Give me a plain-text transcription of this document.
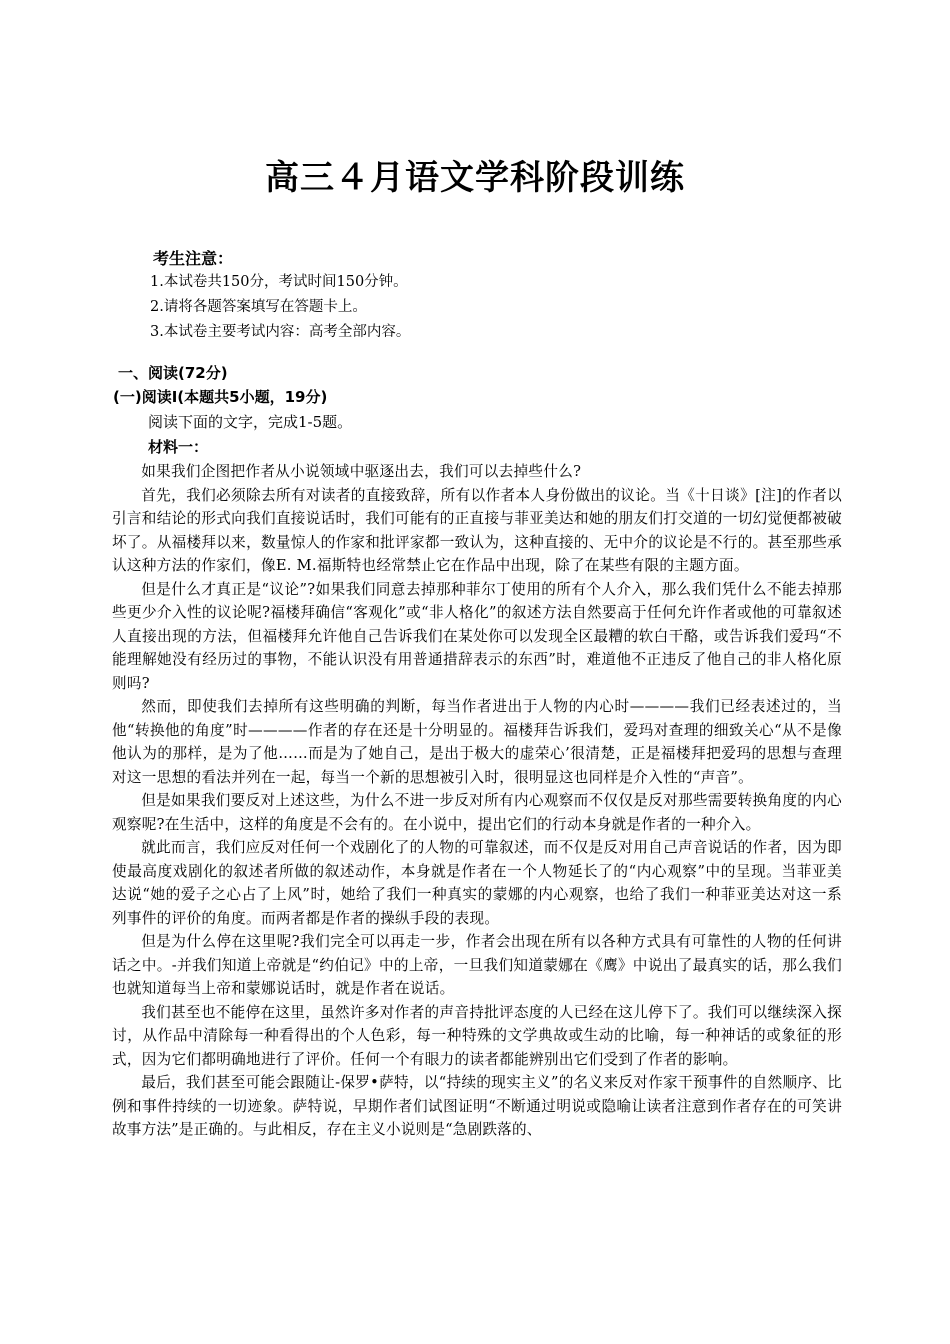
高三４月语文学科阶段训练
考生注意：
1.本试卷共150分，考试时间150分钟。
2.请将各题答案填写在答题卡上。
3.本试卷主要考试内容：高考全部内容。
一、阅读(72分)
(一)阅读Ⅰ(本题共5小题，19分)
阅读下面的文字，完成1-5题。
材料一：

如果我们企图把作者从小说领域中驱逐出去，我们可以去掉些什么?

首先，我们必须除去所有对读者的直接致辞，所有以作者本人身份做出的议论。当《十日谈》[注]的作者以引言和结论的形式向我们直接说话时，我们可能有的正直接与菲亚美达和她的朋友们打交道的一切幻觉便都被破坏了。从福楼拜以来，数量惊人的作家和批评家都一致认为，这种直接的、无中介的议论是不行的。甚至那些承认这种方法的作家们，像E. M.福斯特也经常禁止它在作品中出现，除了在某些有限的主题方面。

但是什么才真正是“议论”?如果我们同意去掉那种菲尔丁使用的所有个人介入，那么我们凭什么不能去掉那些更少介入性的议论呢?福楼拜确信“客观化”或“非人格化”的叙述方法自然要高于任何允许作者或他的可靠叙述人直接出现的方法，但福楼拜允许他自己告诉我们在某处你可以发现全区最糟的软白干酪，或告诉我们爱玛“不能理解她没有经历过的事物，不能认识没有用普通措辞表示的东西”时，难道他不正违反了他自己的非人格化原则吗?

然而，即使我们去掉所有这些明确的判断，每当作者进出于人物的内心时————我们已经表述过的，当他“转换他的角度”时————作者的存在还是十分明显的。福楼拜告诉我们，爱玛对查理的细致关心“从不是像他认为的那样，是为了他……而是为了她自己，是出于极大的虚荣心’很清楚，正是福楼拜把爱玛的思想与查理对这一思想的看法并列在一起，每当一个新的思想被引入时，很明显这也同样是介入性的“声音”。

但是如果我们要反对上述这些，为什么不进一步反对所有内心观察而不仅仅是反对那些需要转换角度的内心观察呢?在生活中，这样的角度是不会有的。在小说中，提出它们的行动本身就是作者的一种介入。

就此而言，我们应反对任何一个戏剧化了的人物的可靠叙述，而不仅是反对用自己声音说话的作者，因为即使最高度戏剧化的叙述者所做的叙述动作，本身就是作者在一个人物延长了的“内心观察”中的呈现。当菲亚美达说“她的爱子之心占了上风”时，她给了我们一种真实的蒙娜的内心观察，也给了我们一种菲亚美达对这一系列事件的评价的角度。而两者都是作者的操纵手段的表现。

但是为什么停在这里呢?我们完全可以再走一步，作者会出现在所有以各种方式具有可靠性的人物的任何讲话之中。-并我们知道上帝就是“约伯记》中的上帝，一旦我们知道蒙娜在《鹰》中说出了最真实的话，那么我们也就知道每当上帝和蒙娜说话时，就是作者在说话。

我们甚至也不能停在这里，虽然许多对作者的声音持批评态度的人已经在这儿停下了。我们可以继续深入探讨，从作品中清除每一种看得出的个人色彩，每一种特殊的文学典故或生动的比喻，每一种神话的或象征的形式，因为它们都明确地进行了评价。任何一个有眼力的读者都能辨别出它们受到了作者的影响。

最后，我们甚至可能会跟随让-保罗•萨特，以“持续的现实主义”的名义来反对作家干预事件的自然顺序、比例和事件持续的一切迹象。萨特说，早期作者们试图证明“不断通过明说或隐喻让读者注意到作者存在的可笑讲故事方法”是正确的。与此相反，存在主义小说则是“急剧跌落的、
